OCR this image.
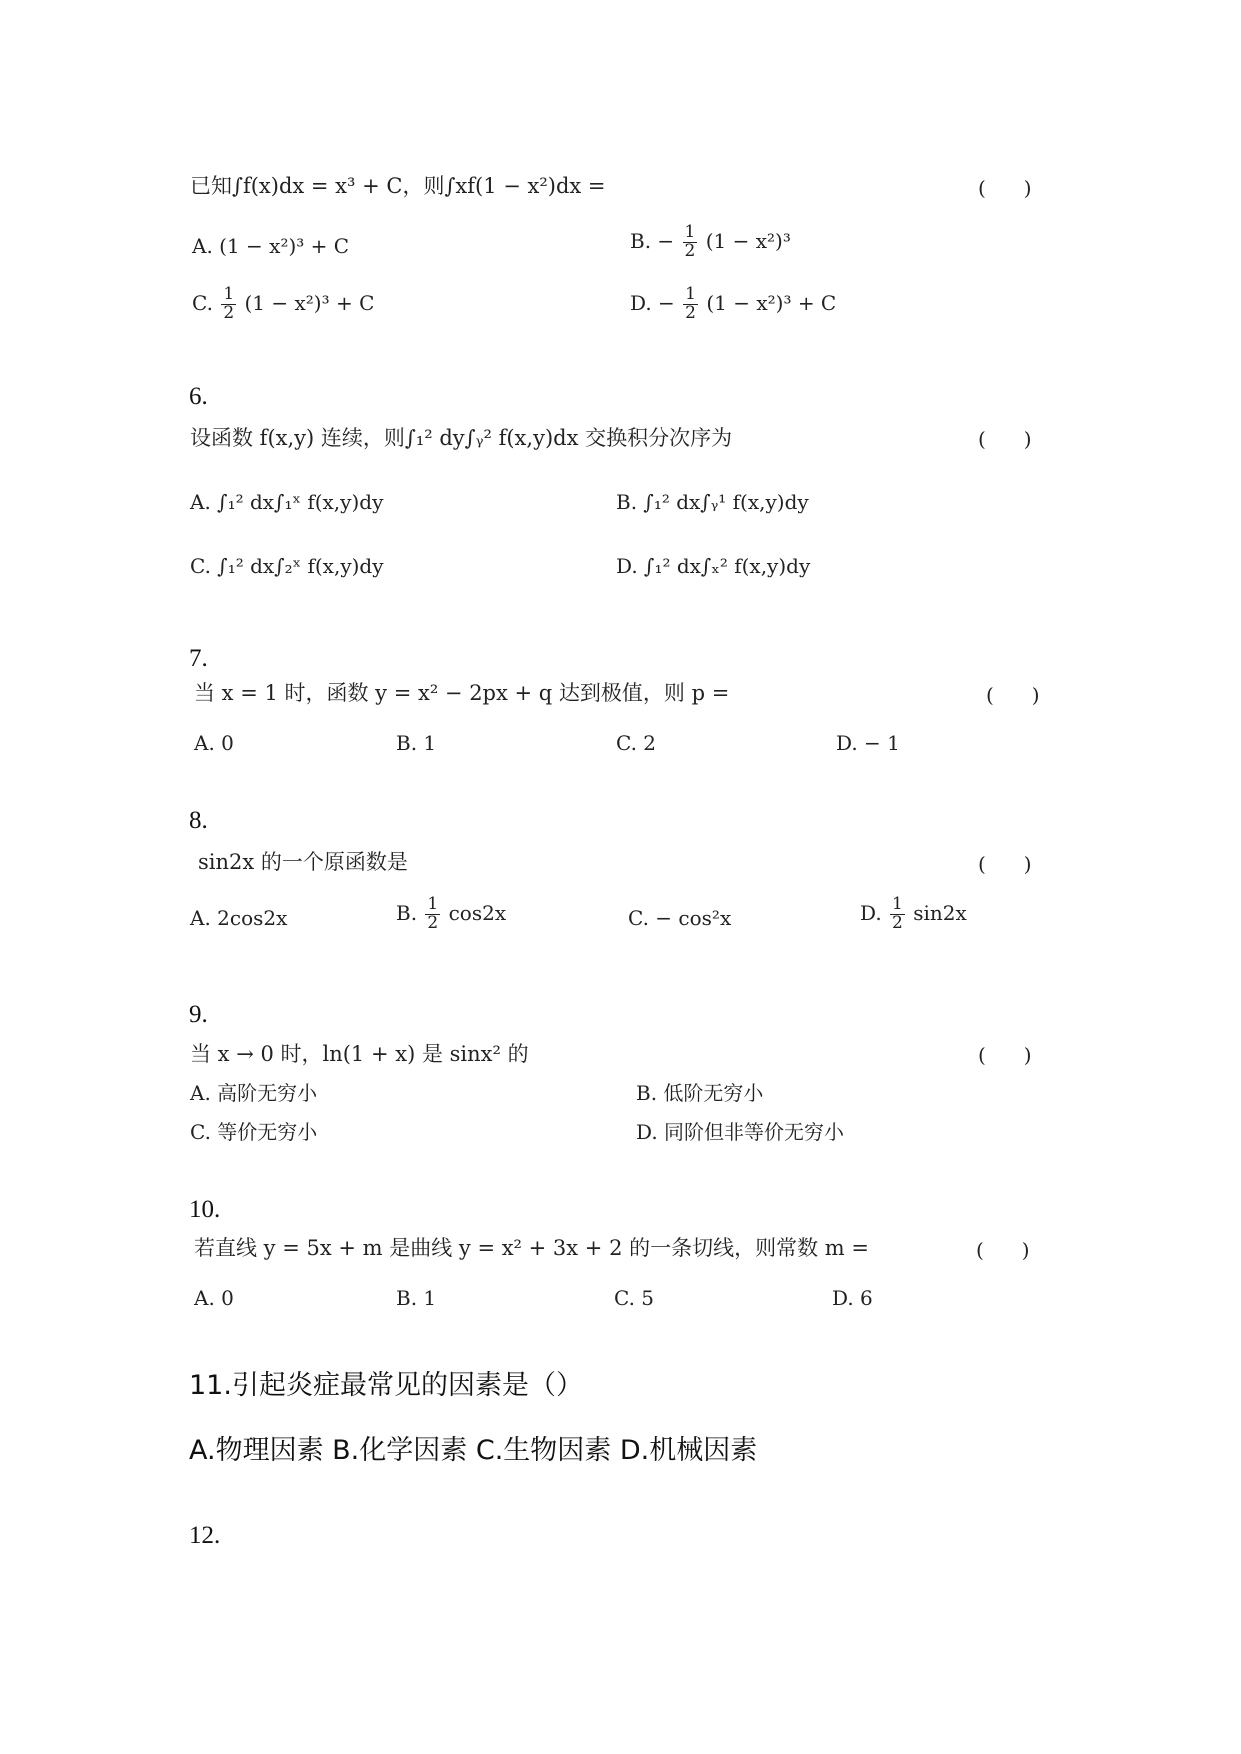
已知∫f(x)dx = x³ + C，则∫xf(1 − x²)dx =	()
A. (1 − x²)³ + C	B. − $\frac{1}{2} (1 - x^2)^3$
C. $\frac{1}{2} (1 - x^2)^3 + C$	D. − $\frac{1}{2} (1 - x^2)^3 + C$
6.
设函数 f(x,y) 连续，则∫₁² dy∫ᵧ² f(x,y)dx 交换积分次序为	()
A. ∫₁² dx∫₁ˣ f(x,y)dy	B. ∫₁² dx∫ᵧ¹ f(x,y)dy
C. ∫₁² dx∫₂ˣ f(x,y)dy	D. ∫₁² dx∫ₓ² f(x,y)dy
7.
当 x = 1 时，函数 y = x² − 2px + q 达到极值，则 p =	()
A. 0	B. 1	C. 2	D. − 1
8.
sin2x 的一个原函数是	()
A. 2cos2x	B. $\frac{1}{2} \cos 2x$	C. − cos²x	D. $\frac{1}{2} \sin 2x$
9.
当 x → 0 时，ln(1 + x) 是 sinx² 的	()
A. 高阶无穷小	B. 低阶无穷小
C. 等价无穷小	D. 同阶但非等价无穷小
10.
若直线 y = 5x + m 是曲线 y = x² + 3x + 2 的一条切线，则常数 m =	()
A. 0	B. 1	C. 5	D. 6
11.引起炎症最常见的因素是（）
A.物理因素 B.化学因素 C.生物因素 D.机械因素
12.
